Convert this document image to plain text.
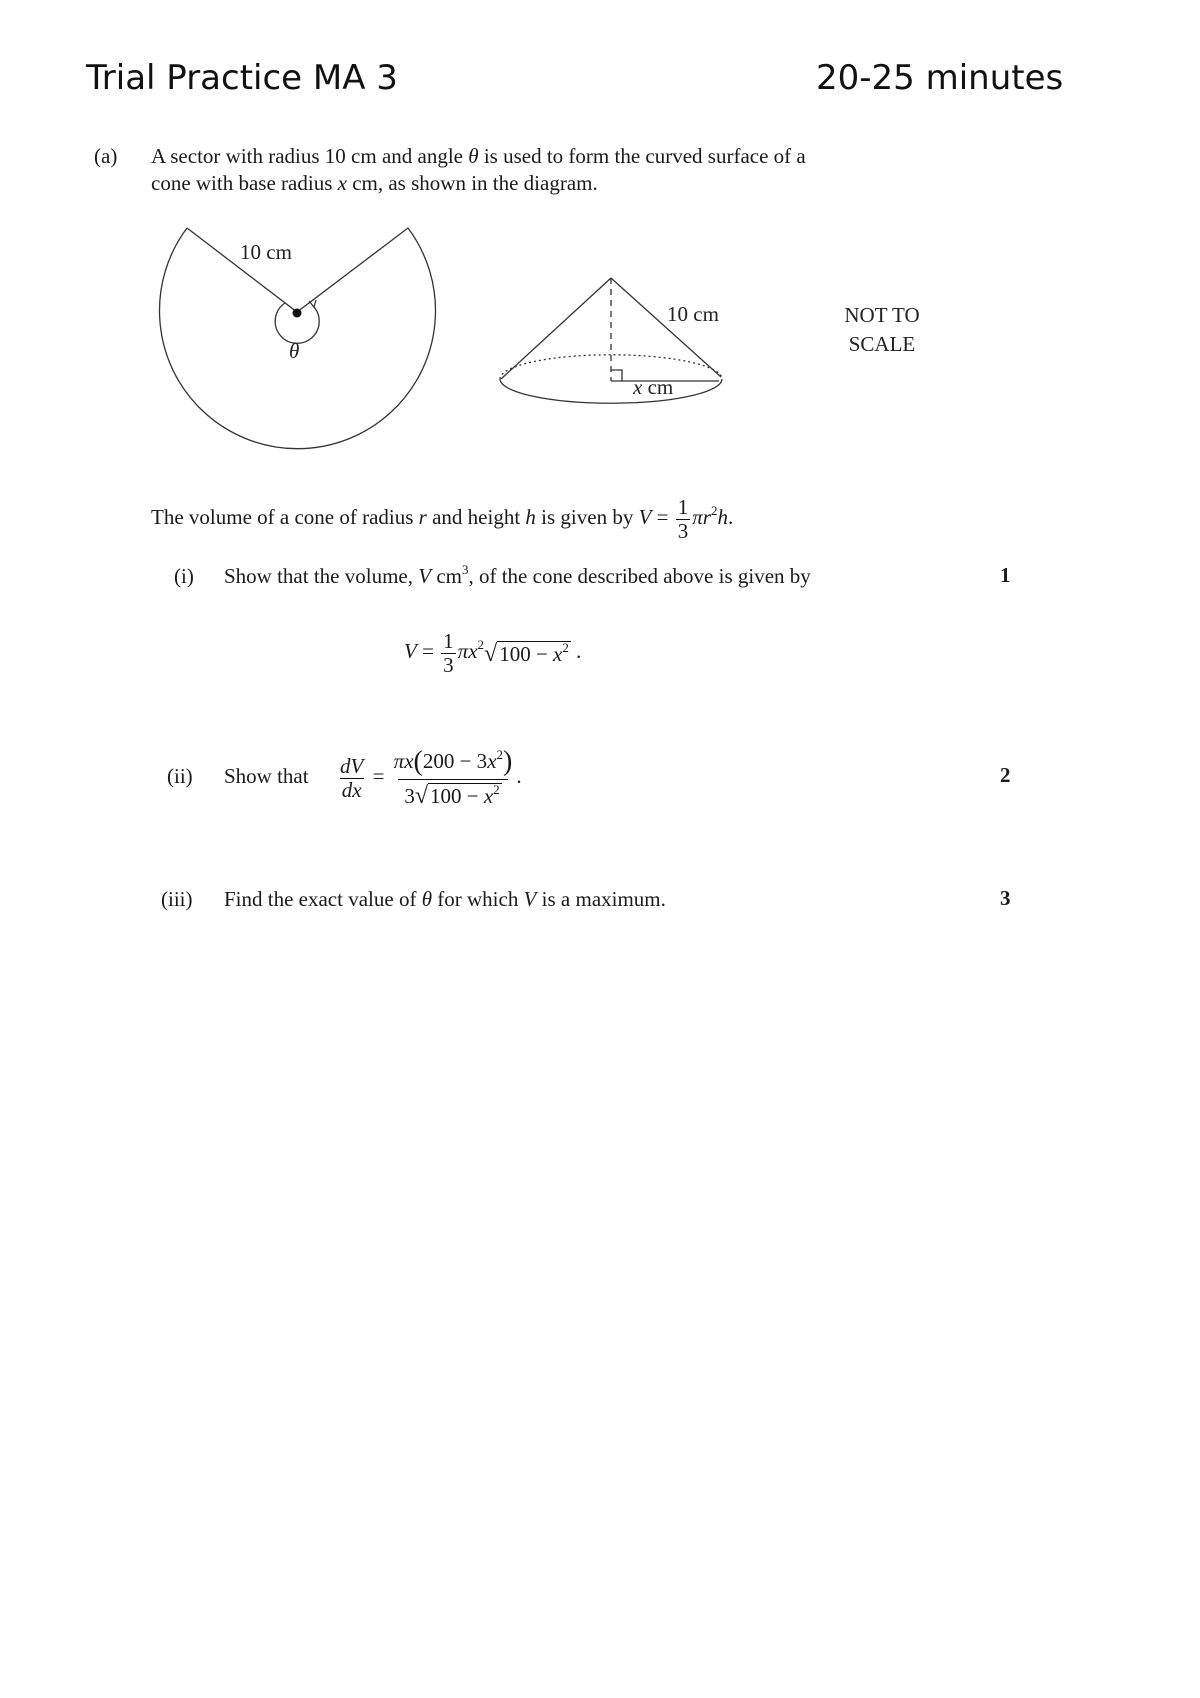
Trial Practice MA 3	20-25 minutes
(a) A sector with radius 10 cm and angle θ is used to form the curved surface of a
cone with base radius x cm, as shown in the diagram.
10 cm
θ
10 cm
x cm
NOT TO
SCALE
The volume of a cone of radius r and height h is given by $V = \frac{1}{3} \pi r^2h$.
(i) Show that the volume, V $cm^3$, of the cone described above is given by	1
$V = \frac{1}{3} \pi x^2$ √ $100 - x^2$ .
(ii) Show that $\frac{dV}{dx} = \frac{\pi x(200 - 3x^2)}{3 √ 100 - x^2}$ .	2
(iii) Find the exact value of θ for which V is a maximum.	3
